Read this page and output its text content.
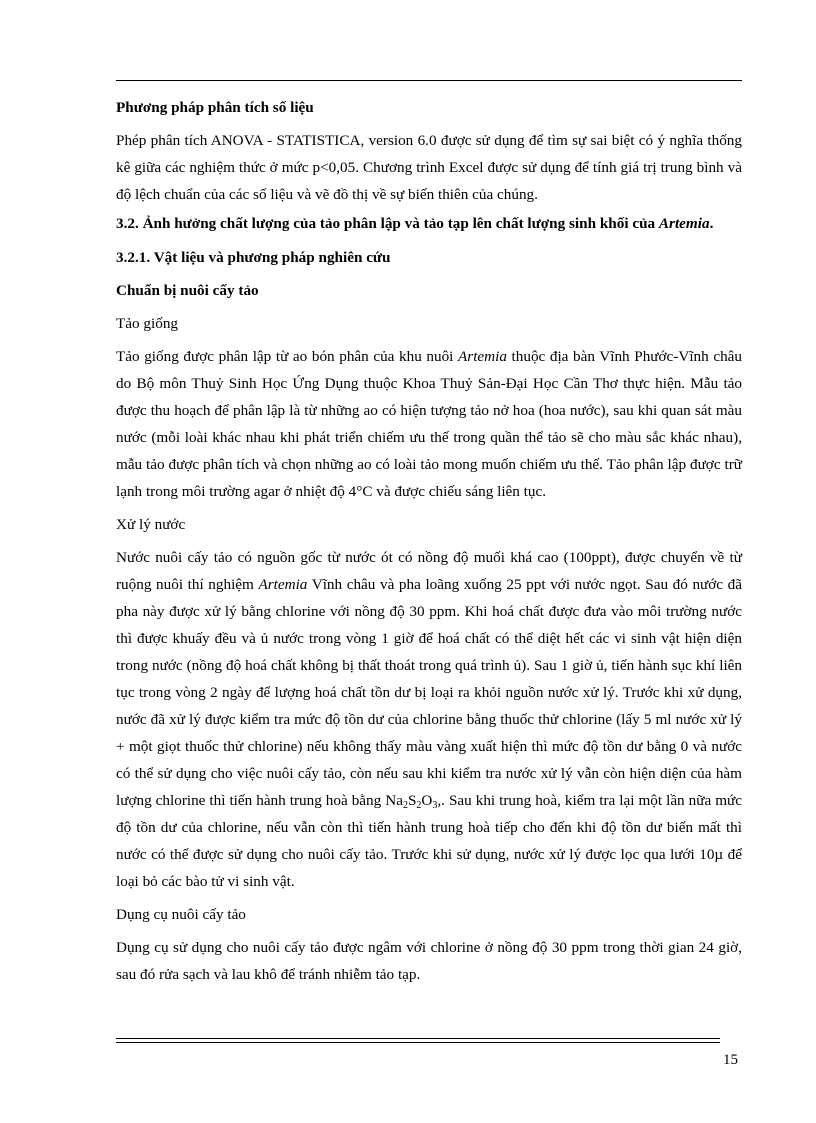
Phương pháp phân tích số liệu

Phép phân tích ANOVA - STATISTICA, version 6.0 được sử dụng để tìm sự sai biệt có ý nghĩa thống kê giữa các nghiệm thức ở mức p<0,05. Chương trình Excel được sử dụng để tính giá trị trung bình và độ lệch chuẩn của các số liệu và vẽ đồ thị về sự biến thiên của chúng.

3.2. Ảnh hưởng chất lượng của tảo phân lập và tảo tạp lên chất lượng sinh khối của Artemia.

3.2.1. Vật liệu và phương pháp nghiên cứu

Chuẩn bị nuôi cấy tảo

Tảo giống

Tảo giống được phân lập từ ao bón phân của khu nuôi Artemia thuộc địa bàn Vĩnh Phước-Vĩnh châu do Bộ môn Thuỷ Sinh Học Ứng Dụng thuộc Khoa Thuỷ Sản-Đại Học Cần Thơ thực hiện. Mẫu tảo được thu hoạch để phân lập là từ những ao có hiện tượng tảo nở hoa (hoa nước), sau khi quan sát màu nước (mỗi loài khác nhau khi phát triển chiếm ưu thế trong quần thể tảo sẽ cho màu sắc khác nhau), mẫu tảo được phân tích và chọn những ao có loài tảo mong muốn chiếm ưu thế. Tảo phân lập được trữ lạnh trong môi trường agar ở nhiệt độ 4°C và được chiếu sáng liên tục.

Xử lý nước

Nước nuôi cấy tảo có nguồn gốc từ nước ót có nồng độ muối khá cao (100ppt), được chuyển về từ ruộng nuôi thí nghiệm Artemia Vĩnh châu và pha loãng xuống 25 ppt với nước ngọt. Sau đó nước đã pha này được xử lý bằng chlorine với nồng độ 30 ppm. Khi hoá chất được đưa vào môi trường nước thì được khuấy đều và ủ nước trong vòng 1 giờ để hoá chất có thể diệt hết các vi sinh vật hiện diện trong nước (nồng độ hoá chất không bị thất thoát trong quá trình ủ). Sau 1 giờ ủ, tiến hành sục khí liên tục trong vòng 2 ngày để lượng hoá chất tồn dư bị loại ra khỏi nguồn nước xử lý. Trước khi xử dụng, nước đã xử lý được kiểm tra mức độ tồn dư của chlorine bằng thuốc thử chlorine (lấy 5 ml nước xử lý + một giọt thuốc thử chlorine) nếu không thấy màu vàng xuất hiện thì mức độ tồn dư bằng 0 và nước có thể sử dụng cho việc nuôi cấy tảo, còn nếu sau khi kiểm tra nước xử lý vẫn còn hiện diện của hàm lượng chlorine thì tiến hành trung hoà bằng $Na_2S_2O_3$,. Sau khi trung hoà, kiểm tra lại một lần nữa mức độ tồn dư của chlorine, nếu vẫn còn thì tiến hành trung hoà tiếp cho đến khi độ tồn dư biến mất thì nước có thể được sử dụng cho nuôi cấy tảo. Trước khi sử dụng, nước xử lý được lọc qua lưới 10µ để loại bỏ các bào tử vi sinh vật.

Dụng cụ nuôi cấy tảo

Dụng cụ sử dụng cho nuôi cấy tảo được ngâm với chlorine ở nồng độ 30 ppm trong thời gian 24 giờ, sau đó rửa sạch và lau khô để tránh nhiễm tảo tạp.

15
